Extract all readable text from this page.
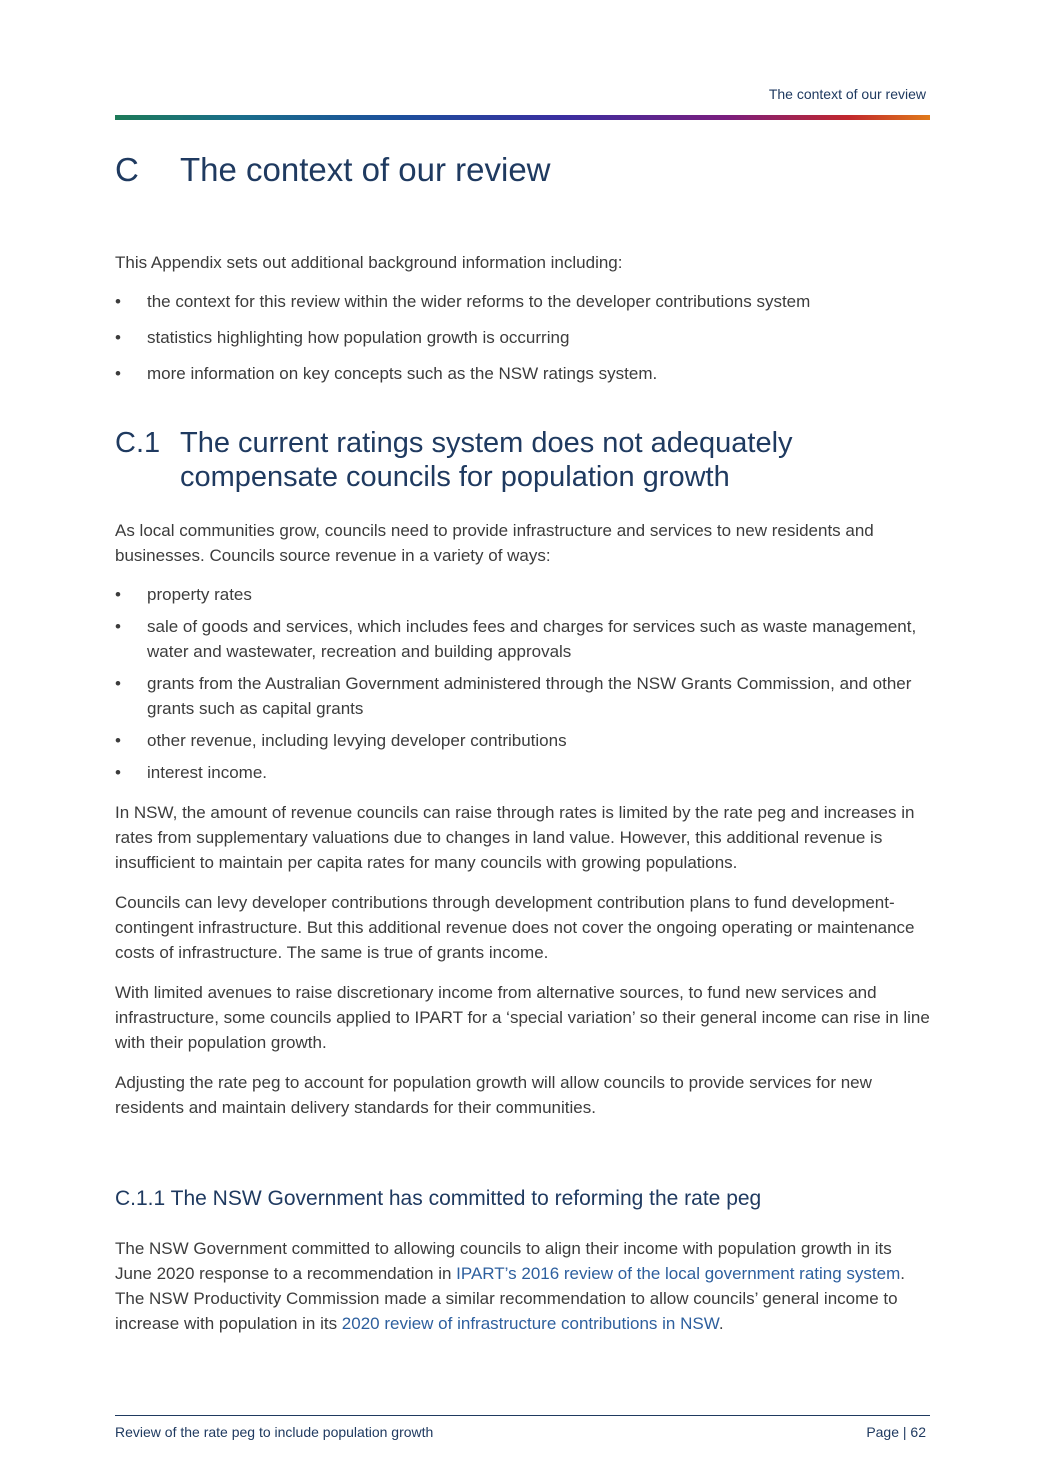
The context of our review
C The context of our review

This Appendix sets out additional background information including:

• the context for this review within the wider reforms to the developer contributions system
• statistics highlighting how population growth is occurring
• more information on key concepts such as the NSW ratings system.
C.1 The current ratings system does not adequately
compensate councils for population growth

As local communities grow, councils need to provide infrastructure and services to new residents and businesses. Councils source revenue in a variety of ways:

• property rates
• sale of goods and services, which includes fees and charges for services such as waste management, water and wastewater, recreation and building approvals
• grants from the Australian Government administered through the NSW Grants Commission, and other grants such as capital grants
• other revenue, including levying developer contributions
• interest income.

In NSW, the amount of revenue councils can raise through rates is limited by the rate peg and increases in rates from supplementary valuations due to changes in land value. However, this additional revenue is insufficient to maintain per capita rates for many councils with growing populations.

Councils can levy developer contributions through development contribution plans to fund development-contingent infrastructure. But this additional revenue does not cover the ongoing operating or maintenance costs of infrastructure. The same is true of grants income.

With limited avenues to raise discretionary income from alternative sources, to fund new services and infrastructure, some councils applied to IPART for a ‘special variation’ so their general income can rise in line with their population growth.

Adjusting the rate peg to account for population growth will allow councils to provide services for new residents and maintain delivery standards for their communities.

C.1.1 The NSW Government has committed to reforming the rate peg

The NSW Government committed to allowing councils to align their income with population growth in its June 2020 response to a recommendation in IPART’s 2016 review of the local government rating system. The NSW Productivity Commission made a similar recommendation to allow councils’ general income to increase with population in its 2020 review of infrastructure contributions in NSW.

Review of the rate peg to include population growth	Page | 62
